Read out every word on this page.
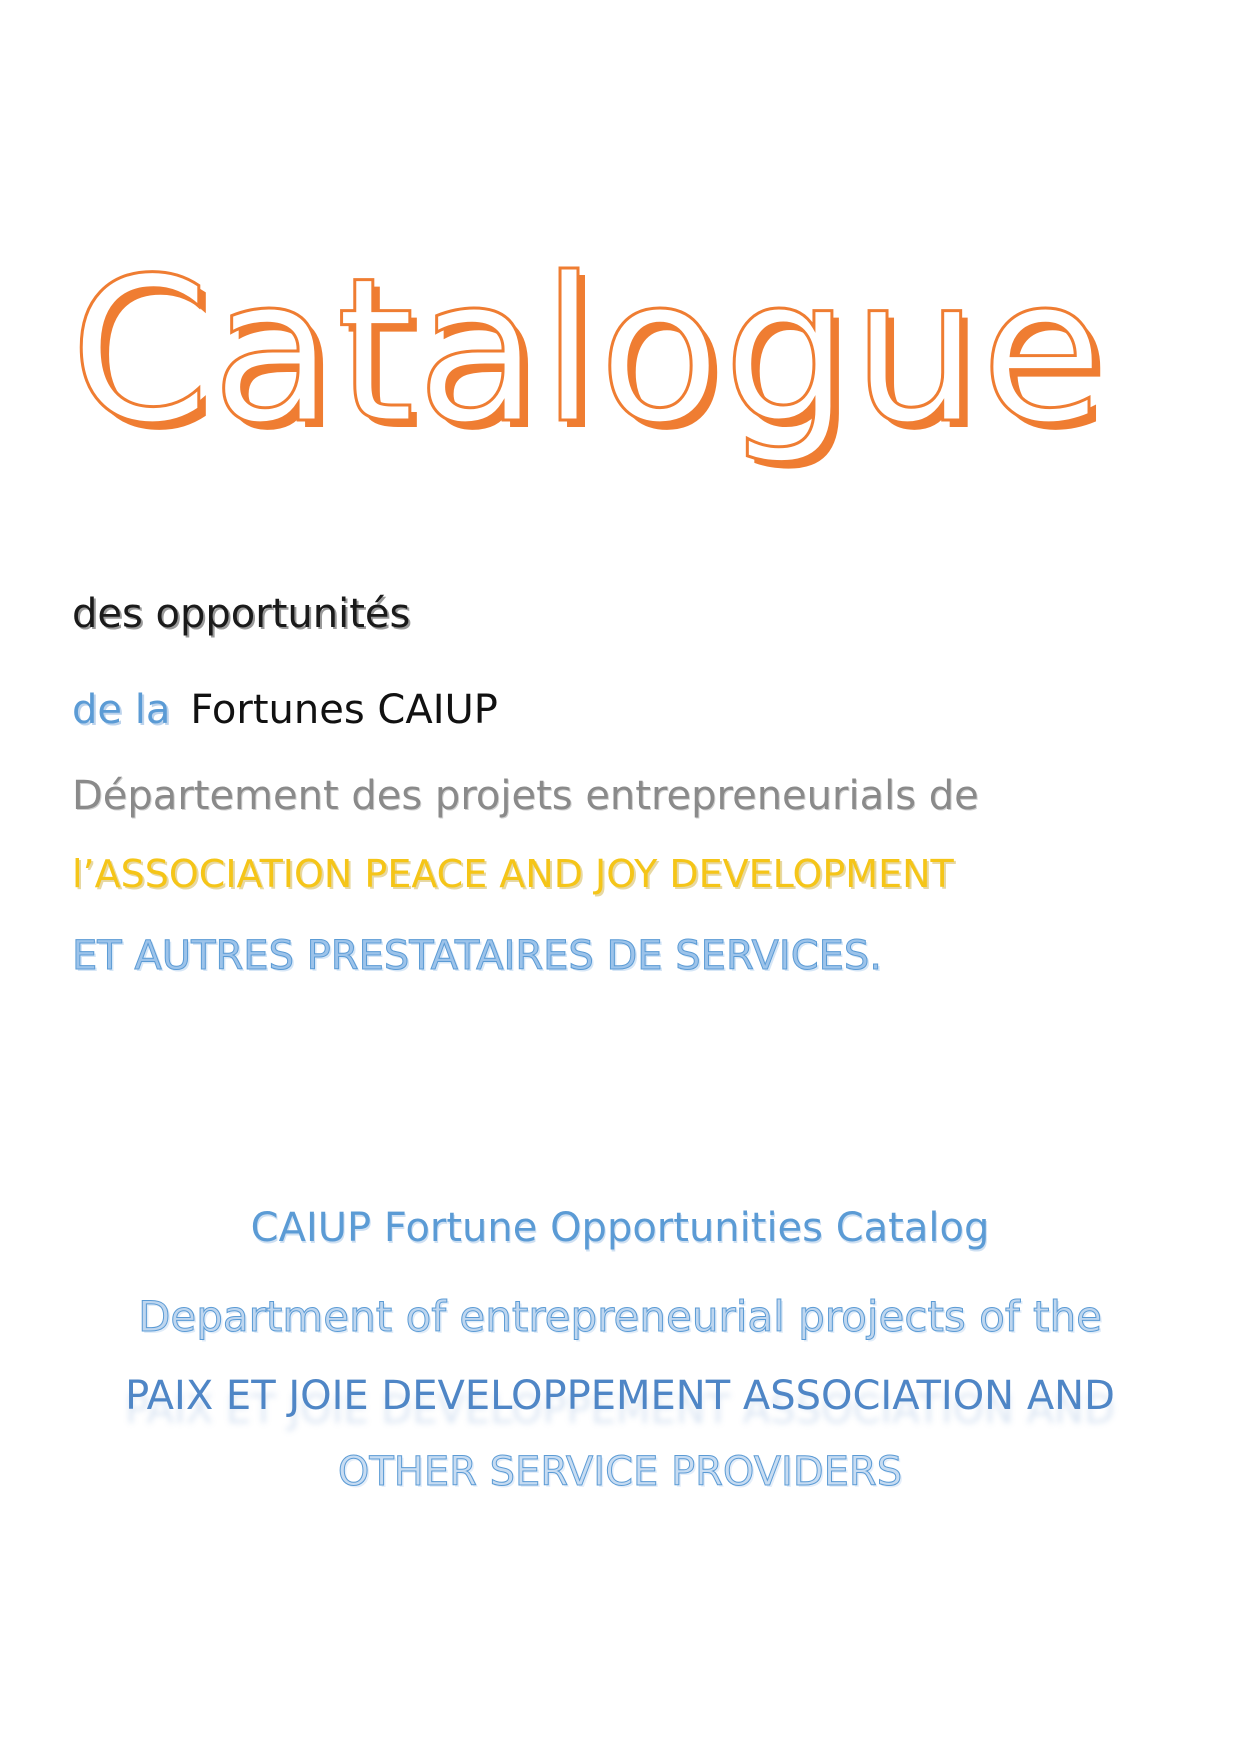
Catalogue
des opportunités
de la Fortunes CAIUP
Département des projets entrepreneurials de
l’ASSOCIATION PEACE AND JOY DEVELOPMENT
ET AUTRES PRESTATAIRES DE SERVICES.
CAIUP Fortune Opportunities Catalog
Department of entrepreneurial projects of the
PAIX ET JOIE DEVELOPPEMENT ASSOCIATION AND
OTHER SERVICE PROVIDERS
